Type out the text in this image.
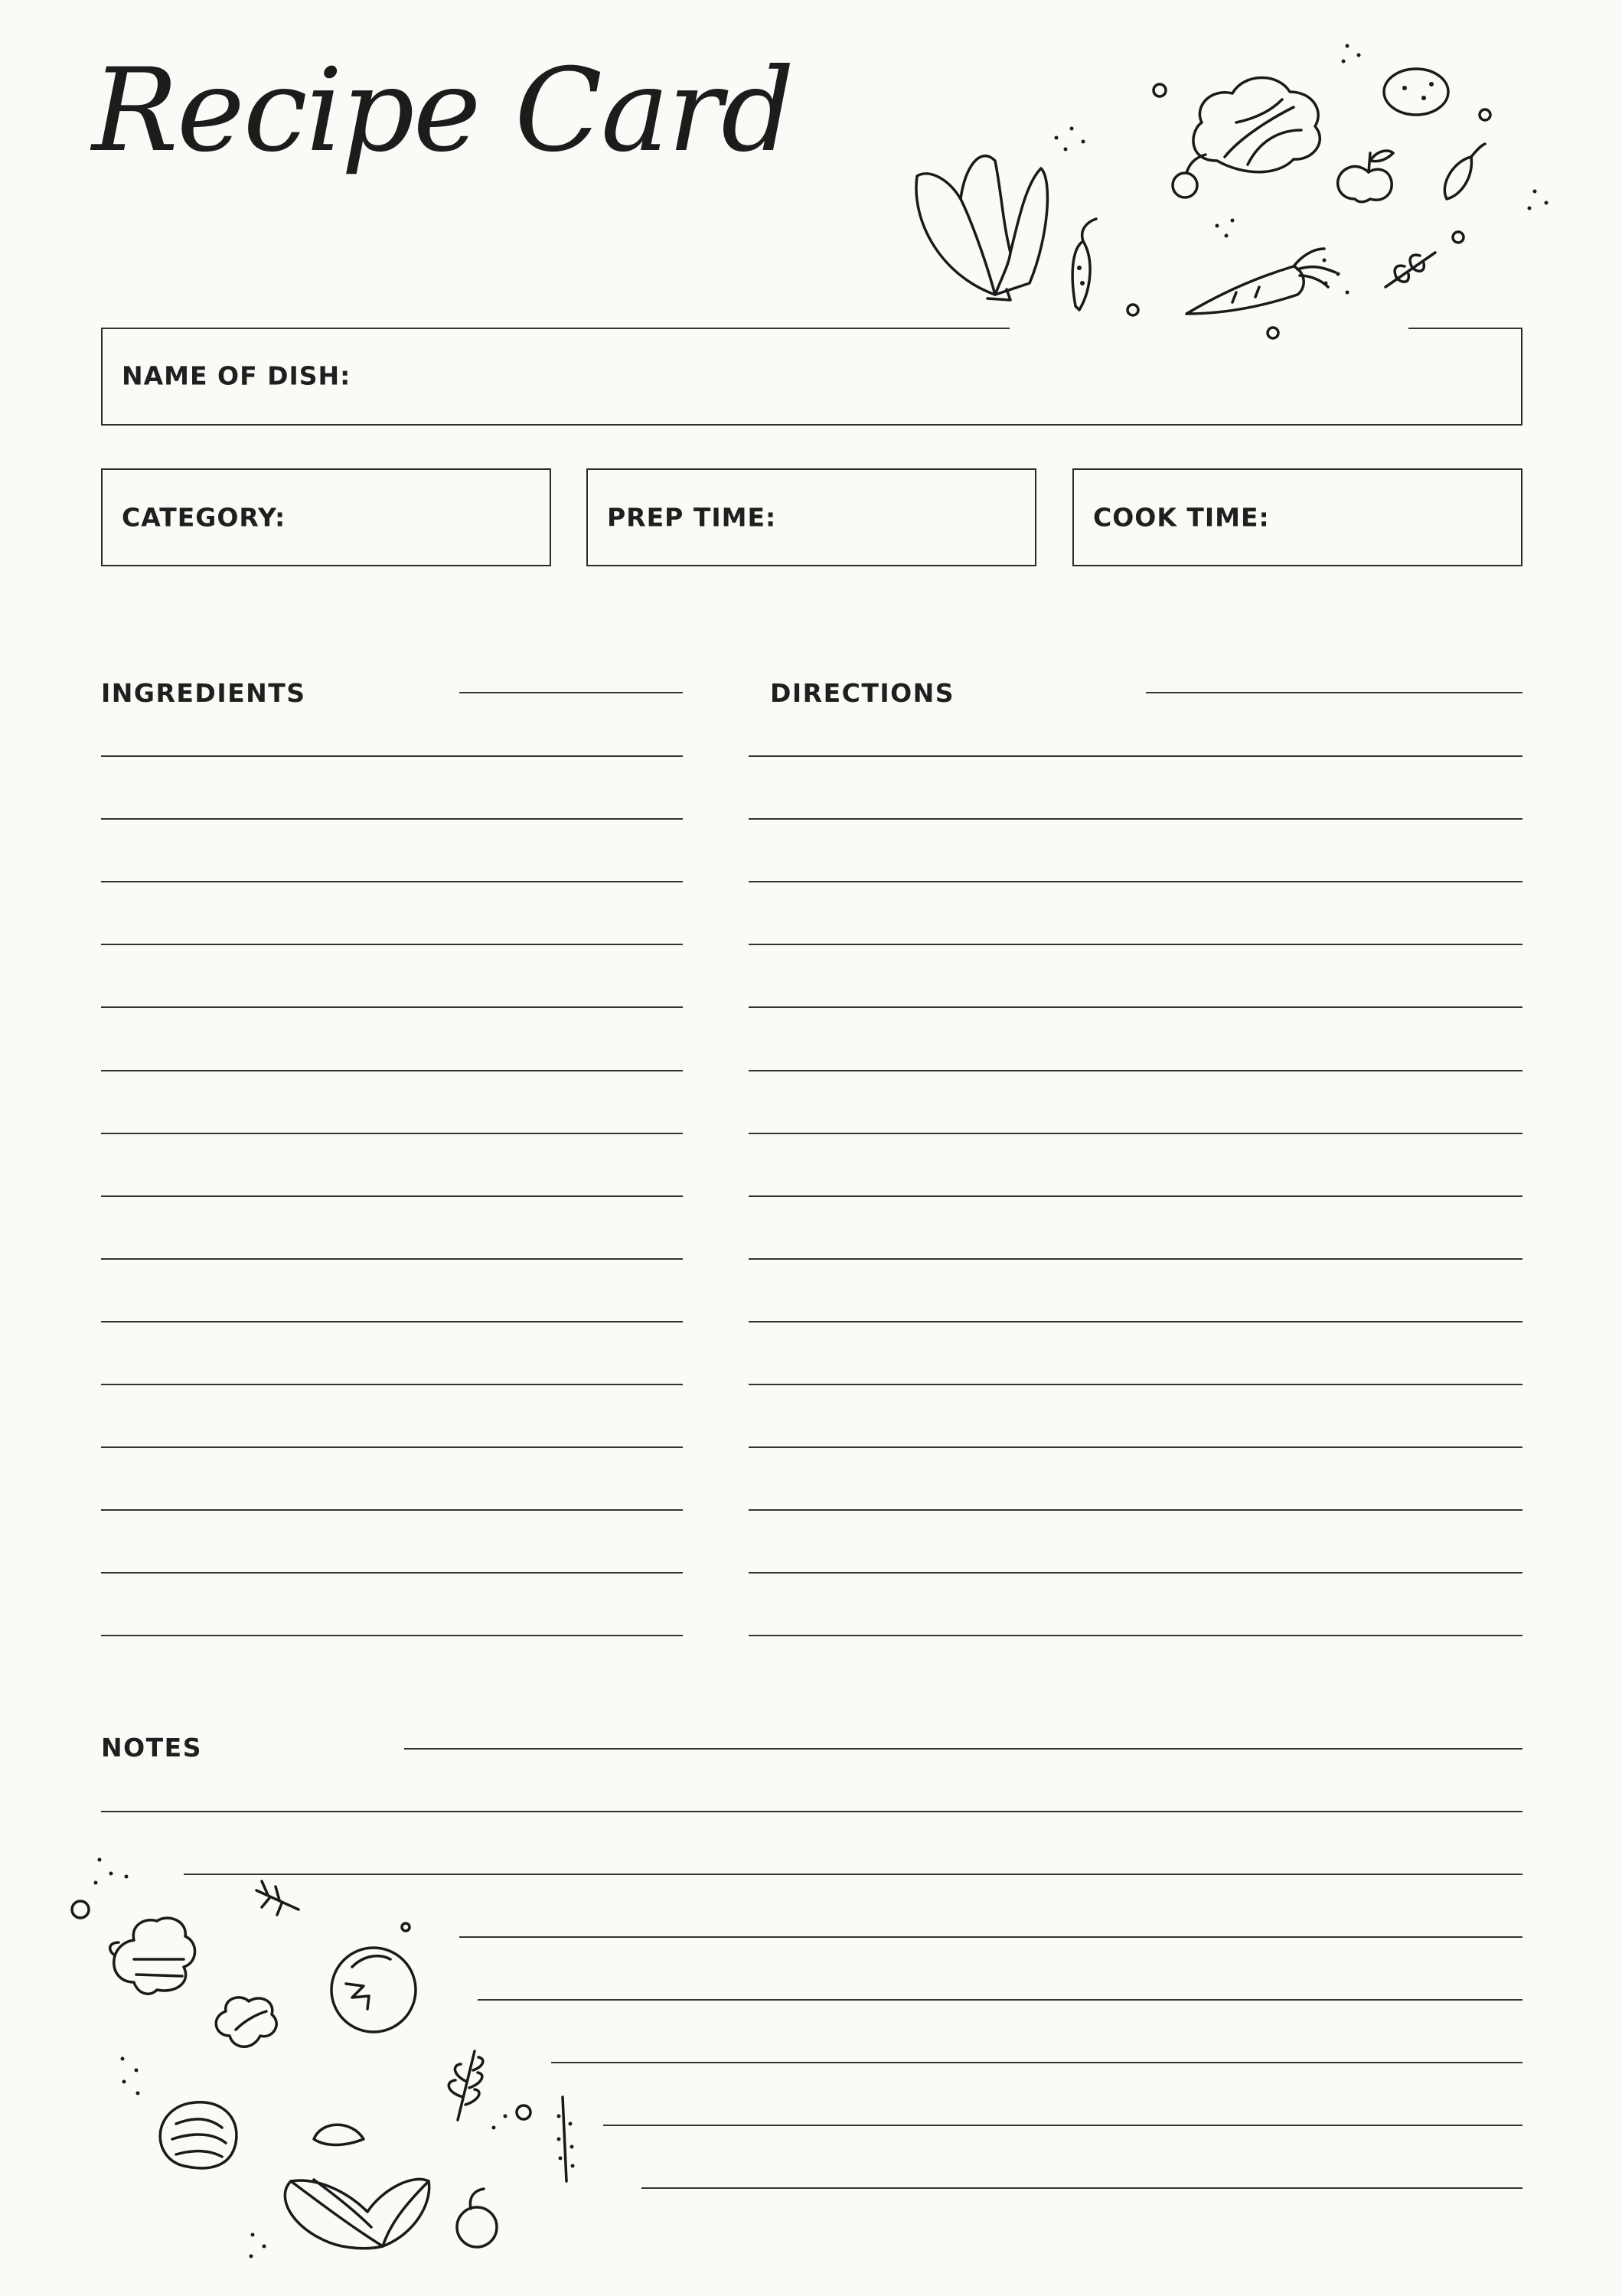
Recipe Card
NAME OF DISH:
CATEGORY:	PREP TIME:	COOK TIME:
INGREDIENTS	DIRECTIONS
NOTES
